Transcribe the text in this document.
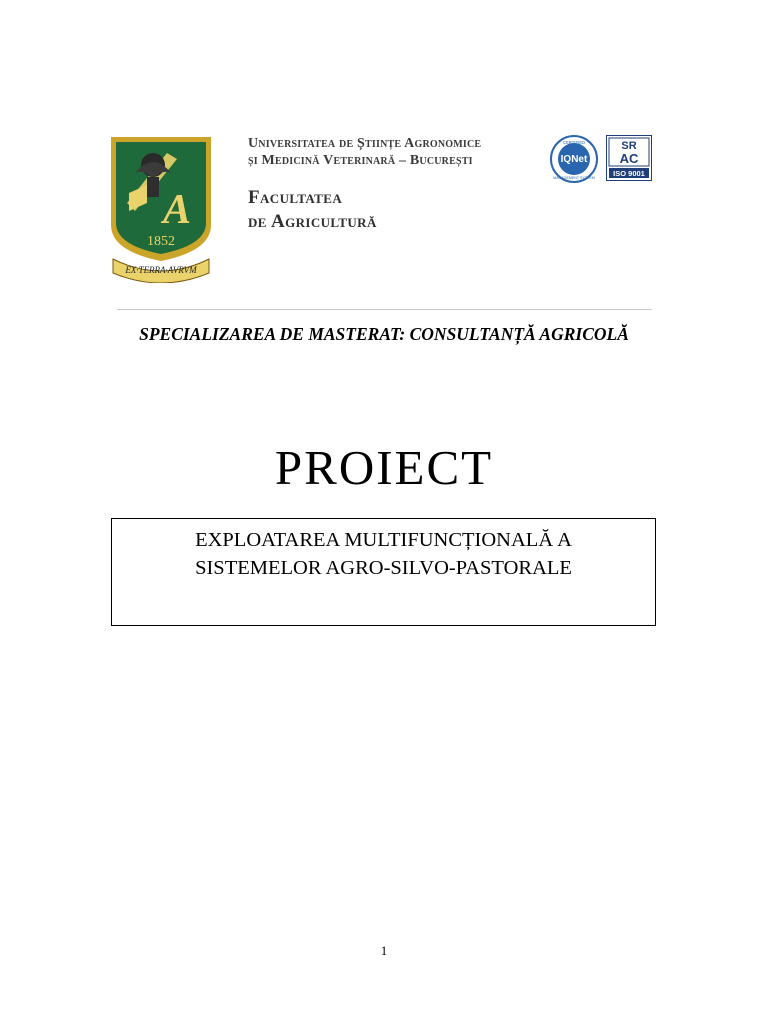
A
1852
EX·TERRA·AVRVM
Universitatea de Științe Agronomice
și Medicină Veterinară – București
Facultatea
de Agricultură
CERTIFIED
IQNet
MANAGEMENT SYSTEM
SR
AC
ISO 9001
SPECIALIZAREA DE MASTERAT: CONSULTANȚĂ AGRICOLĂ
PROIECT
EXPLOATAREA MULTIFUNCȚIONALĂ A
SISTEMELOR AGRO-SILVO-PASTORALE
1
